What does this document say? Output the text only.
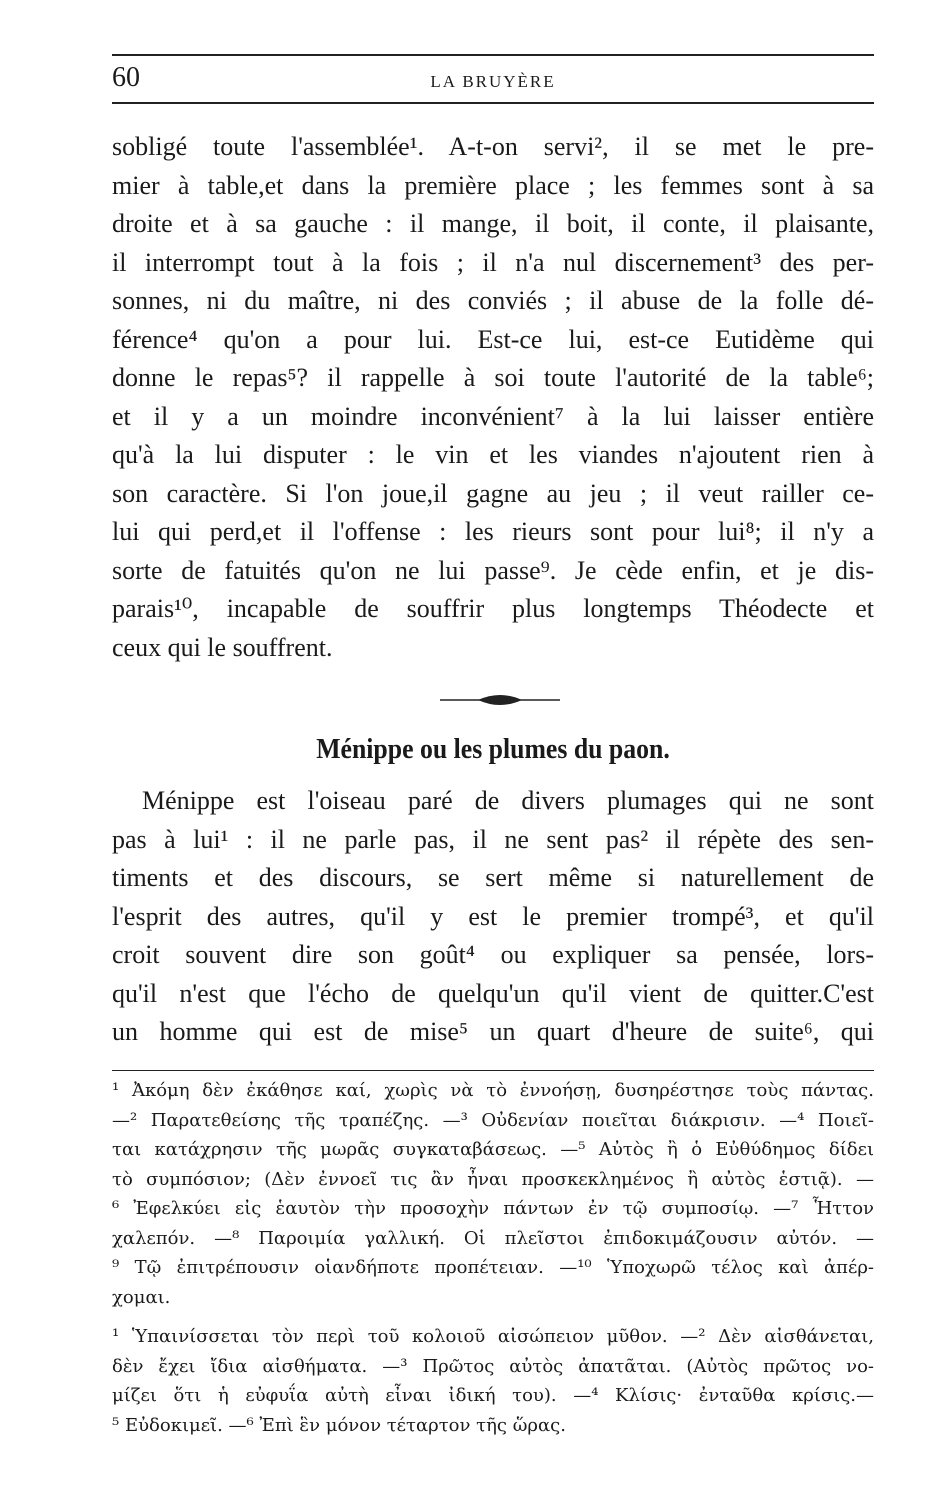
60	LA BRUYÈRE
sobligé toute l'assemblée¹. A-t-on servi², il se met le pre-
mier à table,et dans la première place ; les femmes sont à sa
droite et à sa gauche : il mange, il boit, il conte, il plaisante,
il interrompt tout à la fois ; il n'a nul discernement³ des per-
sonnes, ni du maître, ni des conviés ; il abuse de la folle dé-
férence⁴ qu'on a pour lui. Est-ce lui, est-ce Eutidème qui
donne le repas⁵? il rappelle à soi toute l'autorité de la table⁶;
et il y a un moindre inconvénient⁷ à la lui laisser entière
qu'à la lui disputer : le vin et les viandes n'ajoutent rien à
son caractère. Si l'on joue,il gagne au jeu ; il veut railler ce-
lui qui perd,et il l'offense : les rieurs sont pour lui⁸; il n'y a
sorte de fatuités qu'on ne lui passe⁹. Je cède enfin, et je dis-
parais¹⁰, incapable de souffrir plus longtemps Théodecte et
ceux qui le souffrent.
Ménippe ou les plumes du paon.
Ménippe est l'oiseau paré de divers plumages qui ne sont
pas à lui¹ : il ne parle pas, il ne sent pas² il répète des sen-
timents et des discours, se sert même si naturellement de
l'esprit des autres, qu'il y est le premier trompé³, et qu'il
croit souvent dire son goût⁴ ou expliquer sa pensée, lors-
qu'il n'est que l'écho de quelqu'un qu'il vient de quitter.C'est
un homme qui est de mise⁵ un quart d'heure de suite⁶, qui
¹ Ἀκόμη δὲν ἐκάθησε καί, χωρὶς νὰ τὸ ἐννοήσῃ, δυσηρέστησε τοὺς πάντας.
—² Παρατεθείσης τῆς τραπέζης. —³ Οὐδενίαν ποιεῖται διάκρισιν. —⁴ Ποιεῖ-
ται κατάχρησιν τῆς μωρᾶς συγκαταβάσεως. —⁵ Αὐτὸς ἢ ὁ Εὐθύδημος δίδει
τὸ συμπόσιον; (Δὲν ἐννοεῖ τις ἂν ἦναι προσκεκλημένος ἢ αὐτὸς ἑστιᾷ). —
⁶ Ἐφελκύει εἰς ἑαυτὸν τὴν προσοχὴν πάντων ἐν τῷ συμποσίῳ. —⁷ Ἧττον
χαλεπόν. —⁸ Παροιμία γαλλική. Οἱ πλεῖστοι ἐπιδοκιμάζουσιν αὐτόν. —
⁹ Τῷ ἐπιτρέπουσιν οἱανδήποτε προπέτειαν. —¹⁰ Ὑποχωρῶ τέλος καὶ ἀπέρ-
χομαι.
¹ Ὑπαινίσσεται τὸν περὶ τοῦ κολοιοῦ αἰσώπειον μῦθον. —² Δὲν αἰσθάνεται,
δὲν ἔχει ἴδια αἰσθήματα. —³ Πρῶτος αὐτὸς ἀπατᾶται. (Αὐτὸς πρῶτος νο-
μίζει ὅτι ἡ εὐφυΐα αὐτὴ εἶναι ἰδική του). —⁴ Κλίσις· ἐνταῦθα κρίσις.—
⁵ Εὐδοκιμεῖ. —⁶ Ἐπὶ ἓν μόνον τέταρτον τῆς ὥρας.
